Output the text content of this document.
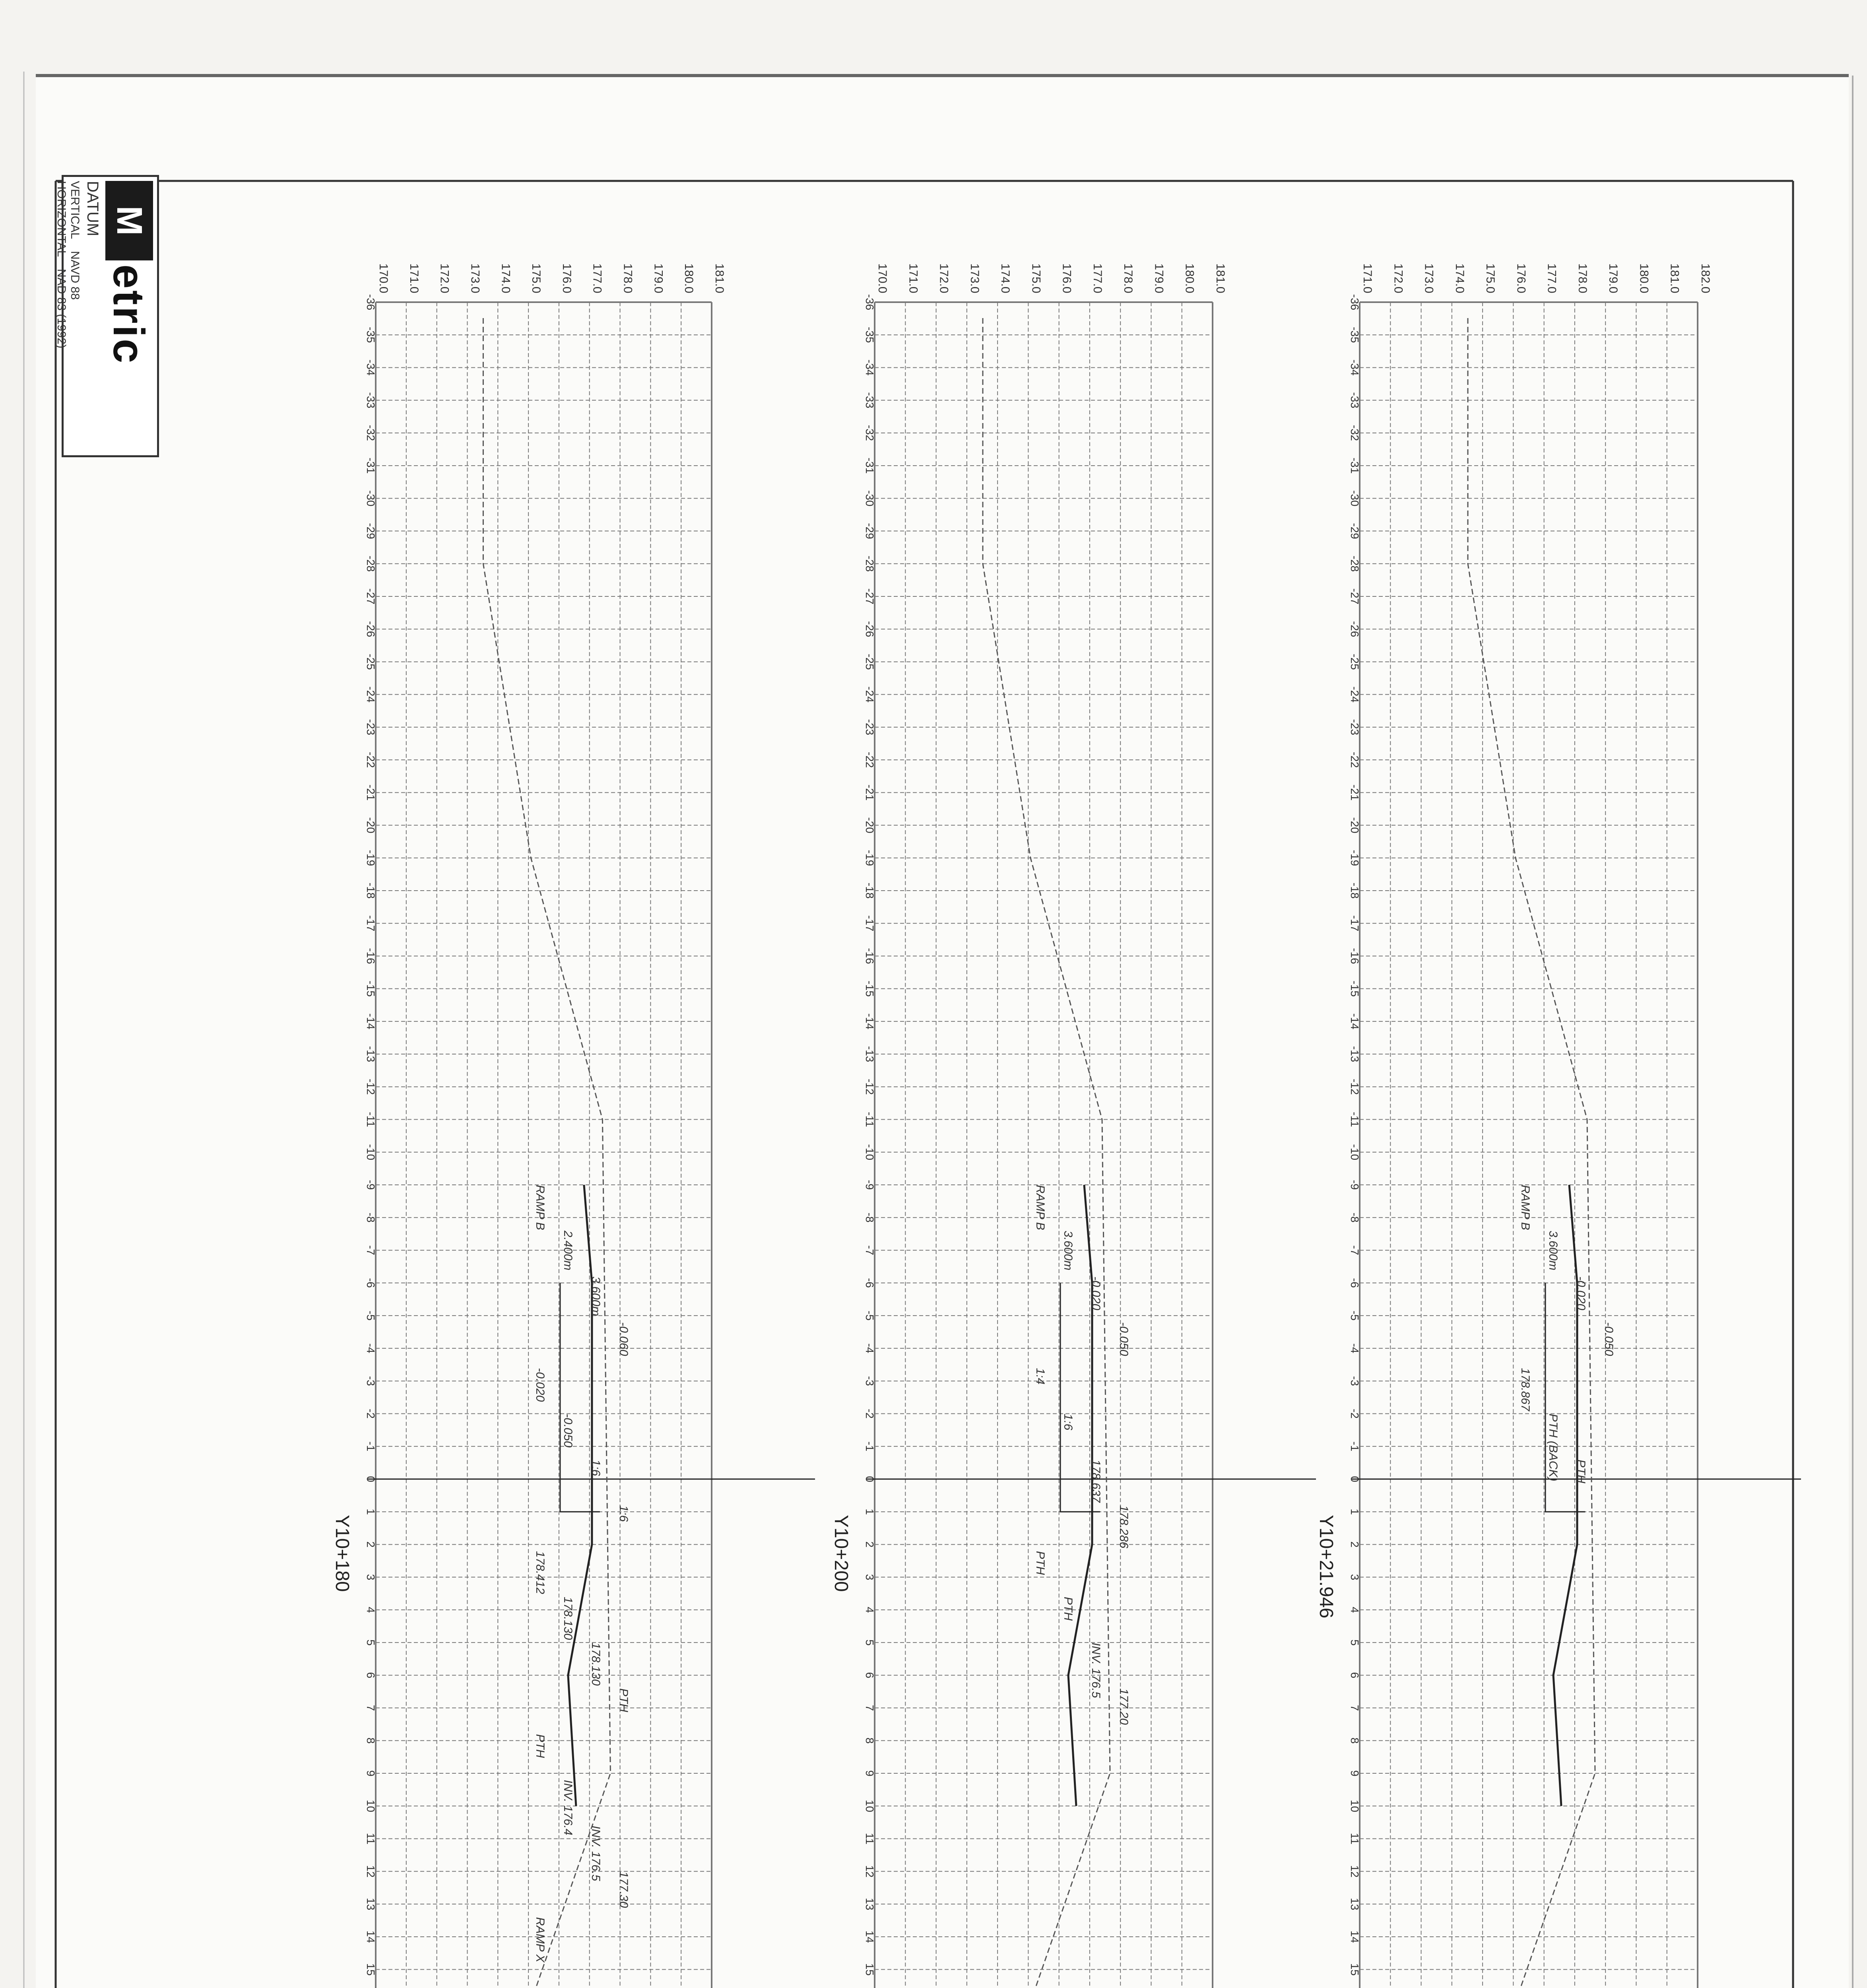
170.0 171.0 172.0 173.0 174.0 175.0 176.0 177.0 178.0 179.0 180.0 181.0
-36
-35
-34
-33
-32
-31
-30
-29
-28
-27
-26
-25
-24
-23
-22
-21
-20
-19
-18
-17
-16
-15
-14
-13
-12
-11
-10
-9
-8
-7
-6
-5
-4
-3
-2
-1
0
1
2
3
4
5
6
7
8
9
10
11
12
13
14
15
Y10+180
RAMP B
2.400m
3.600m
-0.060
-0.020
-0.050
1:6
1:6
178.412
178.130
178.130
PTH
PTH
INV. 176.4
INV. 176.5
177.30
RAMP X
170.0 171.0 172.0 173.0 174.0 175.0 176.0 177.0 178.0 179.0 180.0 181.0
-36
-35
-34
-33
-32
-31
-30
-29
-28
-27
-26
-25
-24
-23
-22
-21
-20
-19
-18
-17
-16
-15
-14
-13
-12
-11
-10
-9
-8
-7
-6
-5
-4
-3
-2
-1
0
1
2
3
4
5
6
7
8
9
10
11
12
13
14
15
Y10+200
RAMP B
3.600m
-0.020
-0.050
1:4
1:6
178.637
178.286
PTH
PTH
INV. 176.5
177.20
171.0 172.0 173.0 174.0 175.0 176.0 177.0 178.0 179.0 180.0 181.0 182.0
-36
-35
-34
-33
-32
-31
-30
-29
-28
-27
-26
-25
-24
-23
-22
-21
-20
-19
-18
-17
-16
-15
-14
-13
-12
-11
-10
-9
-8
-7
-6
-5
-4
-3
-2
-1
0
1
2
3
4
5
6
7
8
9
10
11
12
13
14
15
Y10+21.946
RAMP B
3.600m
-0.020
-0.050
178.867
PTH (BACK) PTH
M
etric
DATUM
VERTICAL
NAVD 88
HORIZONTAL
NAD 83 (1992)
